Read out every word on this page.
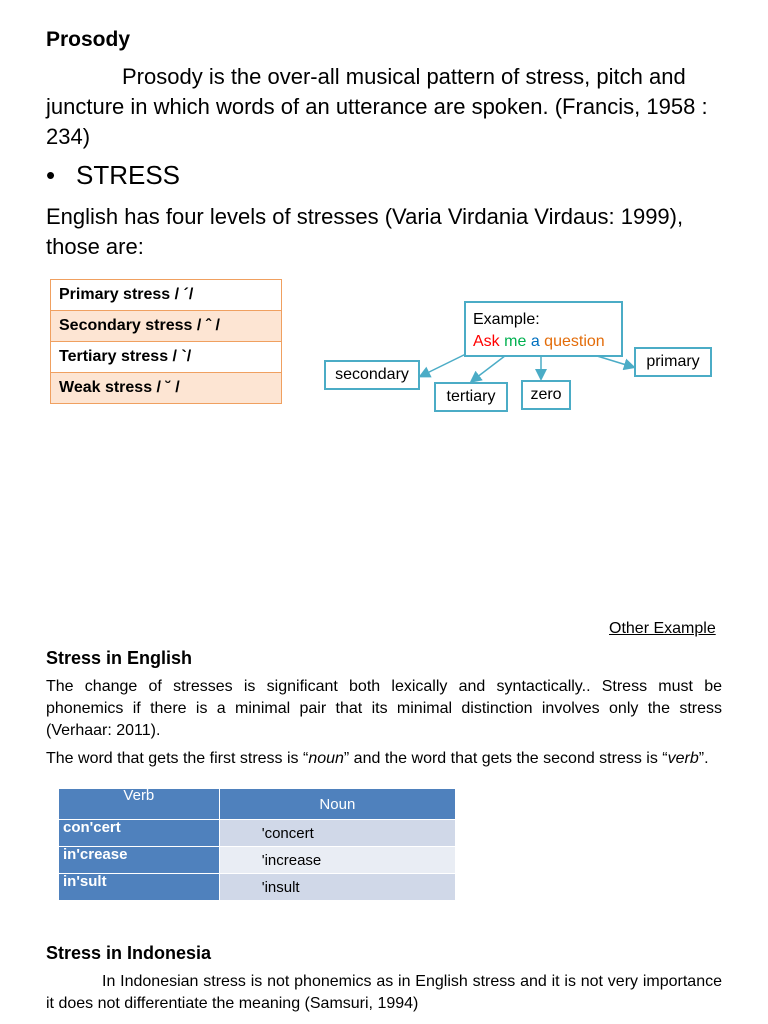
Prosody
Prosody is the over-all musical pattern of stress, pitch and juncture in which words of an utterance are spoken. (Francis, 1958 : 234)
• STRESS
English has four levels of stresses (Varia Virdania Virdaus: 1999), those are:
Primary stress / ´/
Secondary stress / ˆ /
Tertiary stress / `/
Weak stress / ˘ /
Example:
Ask me a question
secondary
tertiary	zero
primary
Other Example
Stress in English
The change of stresses is significant both lexically and syntactically.. Stress must be phonemics if there is a minimal pair that its minimal distinction involves only the stress (Verhaar: 2011).
The word that gets the first stress is “noun” and the word that gets the second stress is “verb”.
Verb	Noun
con'cert	'concert
in'crease	'increase
in'sult	'insult
Stress in Indonesia
In Indonesian stress is not phonemics as in English stress and it is not very importance it does not differentiate the meaning (Samsuri, 1994)
